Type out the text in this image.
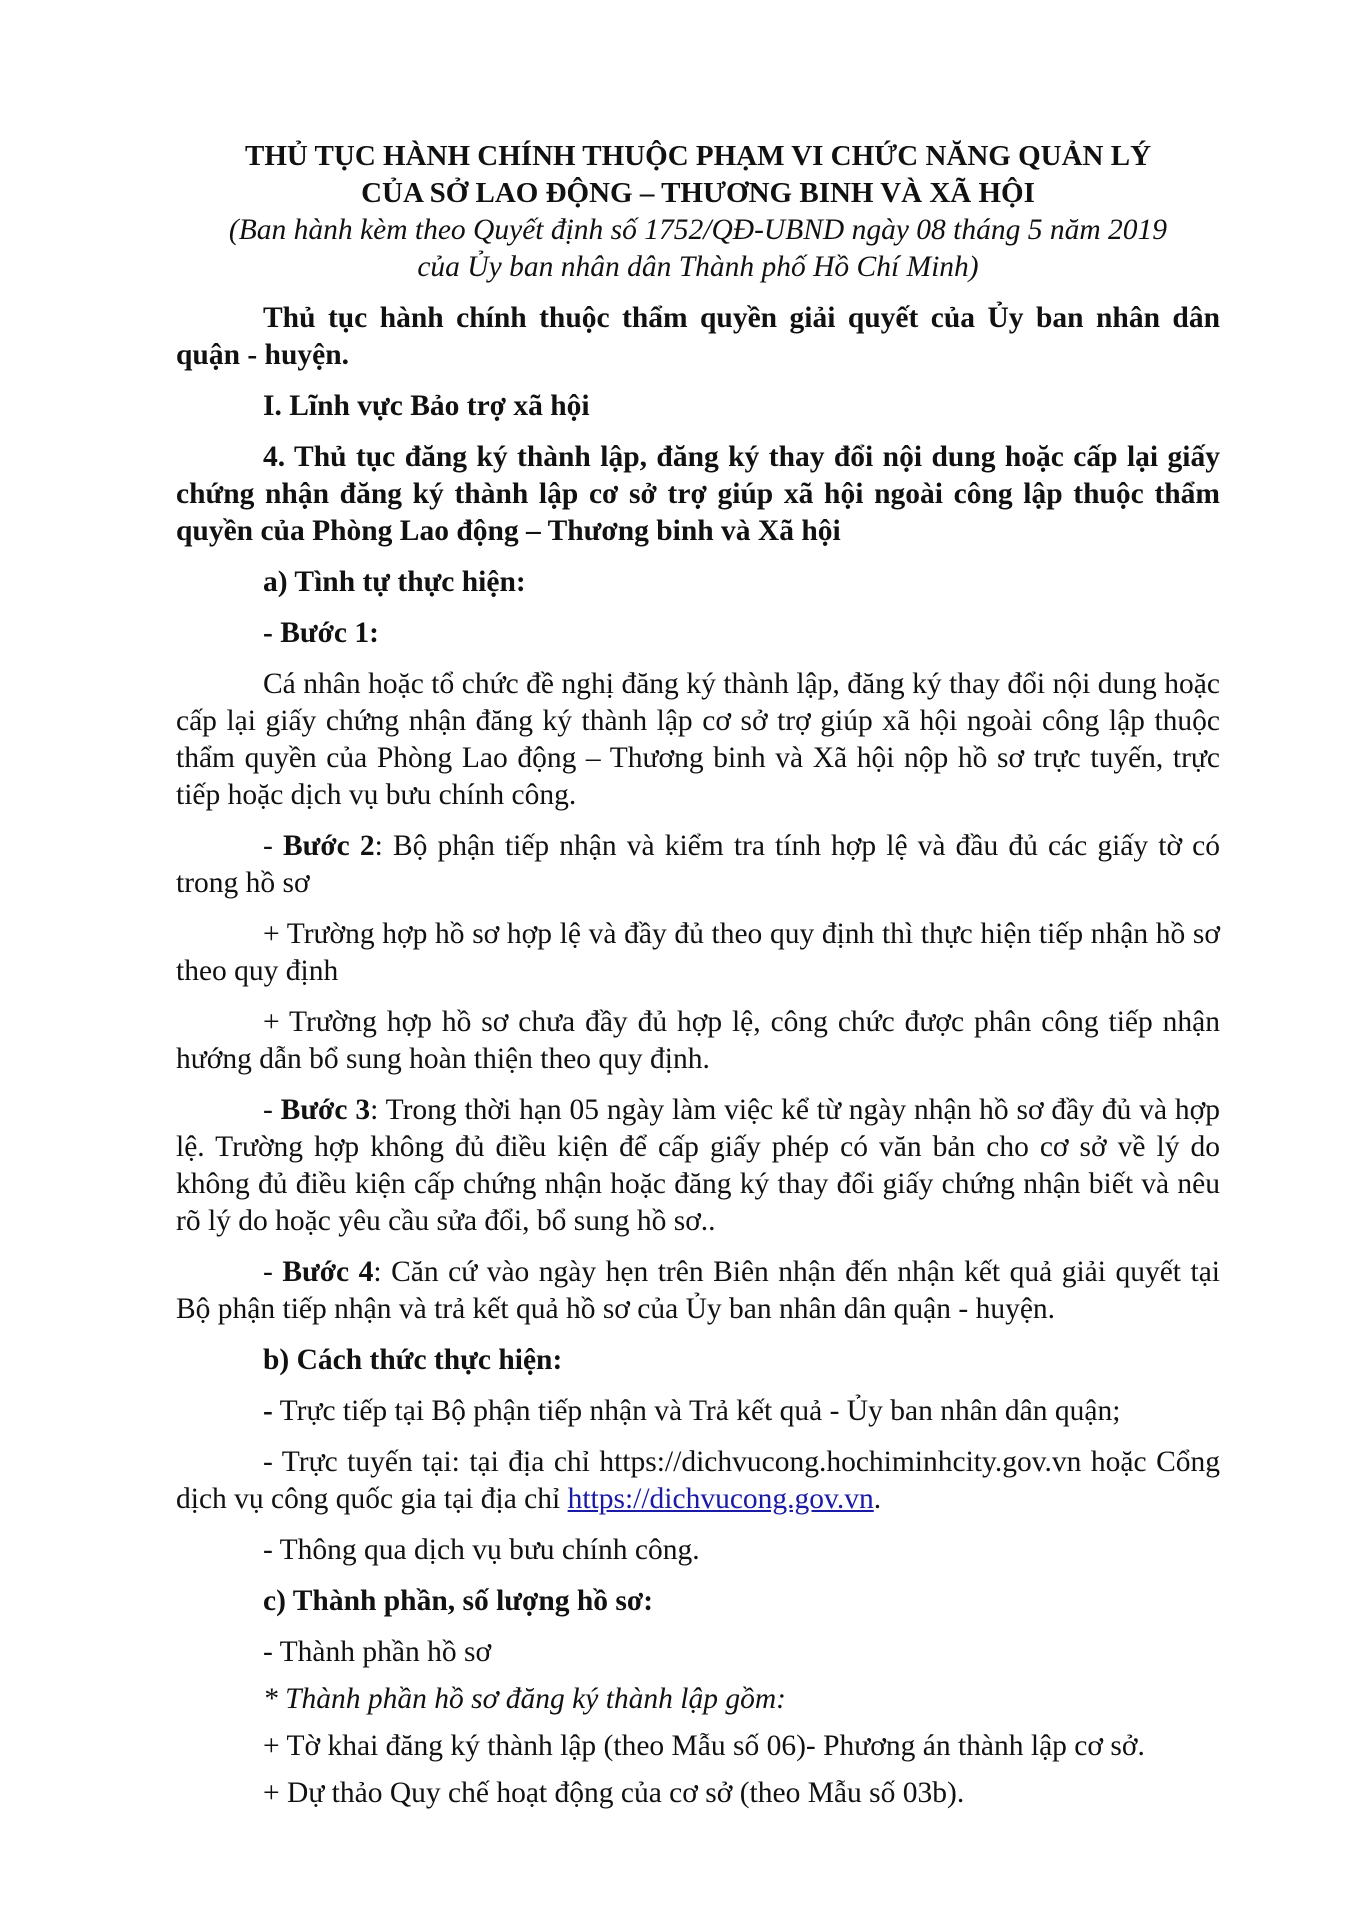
THỦ TỤC HÀNH CHÍNH THUỘC PHẠM VI CHỨC NĂNG QUẢN LÝ
CỦA SỞ LAO ĐỘNG – THƯƠNG BINH VÀ XÃ HỘI
(Ban hành kèm theo Quyết định số 1752/QĐ-UBND ngày 08 tháng 5 năm 2019
của Ủy ban nhân dân Thành phố Hồ Chí Minh)

Thủ tục hành chính thuộc thẩm quyền giải quyết của Ủy ban nhân dân quận - huyện.

I. Lĩnh vực Bảo trợ xã hội

4. Thủ tục đăng ký thành lập, đăng ký thay đổi nội dung hoặc cấp lại giấy chứng nhận đăng ký thành lập cơ sở trợ giúp xã hội ngoài công lập thuộc thẩm quyền của Phòng Lao động – Thương binh và Xã hội

a) Tình tự thực hiện:

- Bước 1:

Cá nhân hoặc tổ chức đề nghị đăng ký thành lập, đăng ký thay đổi nội dung hoặc cấp lại giấy chứng nhận đăng ký thành lập cơ sở trợ giúp xã hội ngoài công lập thuộc thẩm quyền của Phòng Lao động – Thương binh và Xã hội nộp hồ sơ trực tuyến, trực tiếp hoặc dịch vụ bưu chính công.

- Bước 2: Bộ phận tiếp nhận và kiểm tra tính hợp lệ và đầu đủ các giấy tờ có trong hồ sơ

+ Trường hợp hồ sơ hợp lệ và đầy đủ theo quy định thì thực hiện tiếp nhận hồ sơ theo quy định

+ Trường hợp hồ sơ chưa đầy đủ hợp lệ, công chức được phân công tiếp nhận hướng dẫn bổ sung hoàn thiện theo quy định.

- Bước 3: Trong thời hạn 05 ngày làm việc kể từ ngày nhận hồ sơ đầy đủ và hợp lệ. Trường hợp không đủ điều kiện để cấp giấy phép có văn bản cho cơ sở về lý do không đủ điều kiện cấp chứng nhận hoặc đăng ký thay đổi giấy chứng nhận biết và nêu rõ lý do hoặc yêu cầu sửa đổi, bổ sung hồ sơ..

- Bước 4: Căn cứ vào ngày hẹn trên Biên nhận đến nhận kết quả giải quyết tại Bộ phận tiếp nhận và trả kết quả hồ sơ của Ủy ban nhân dân quận - huyện.

b) Cách thức thực hiện:

- Trực tiếp tại Bộ phận tiếp nhận và Trả kết quả - Ủy ban nhân dân quận;

- Trực tuyến tại: tại địa chỉ https://dichvucong.hochiminhcity.gov.vn hoặc Cổng dịch vụ công quốc gia tại địa chỉ https://dichvucong.gov.vn.

- Thông qua dịch vụ bưu chính công.

c) Thành phần, số lượng hồ sơ:

- Thành phần hồ sơ

* Thành phần hồ sơ đăng ký thành lập gồm:

+ Tờ khai đăng ký thành lập (theo Mẫu số 06)- Phương án thành lập cơ sở.

+ Dự thảo Quy chế hoạt động của cơ sở (theo Mẫu số 03b).
